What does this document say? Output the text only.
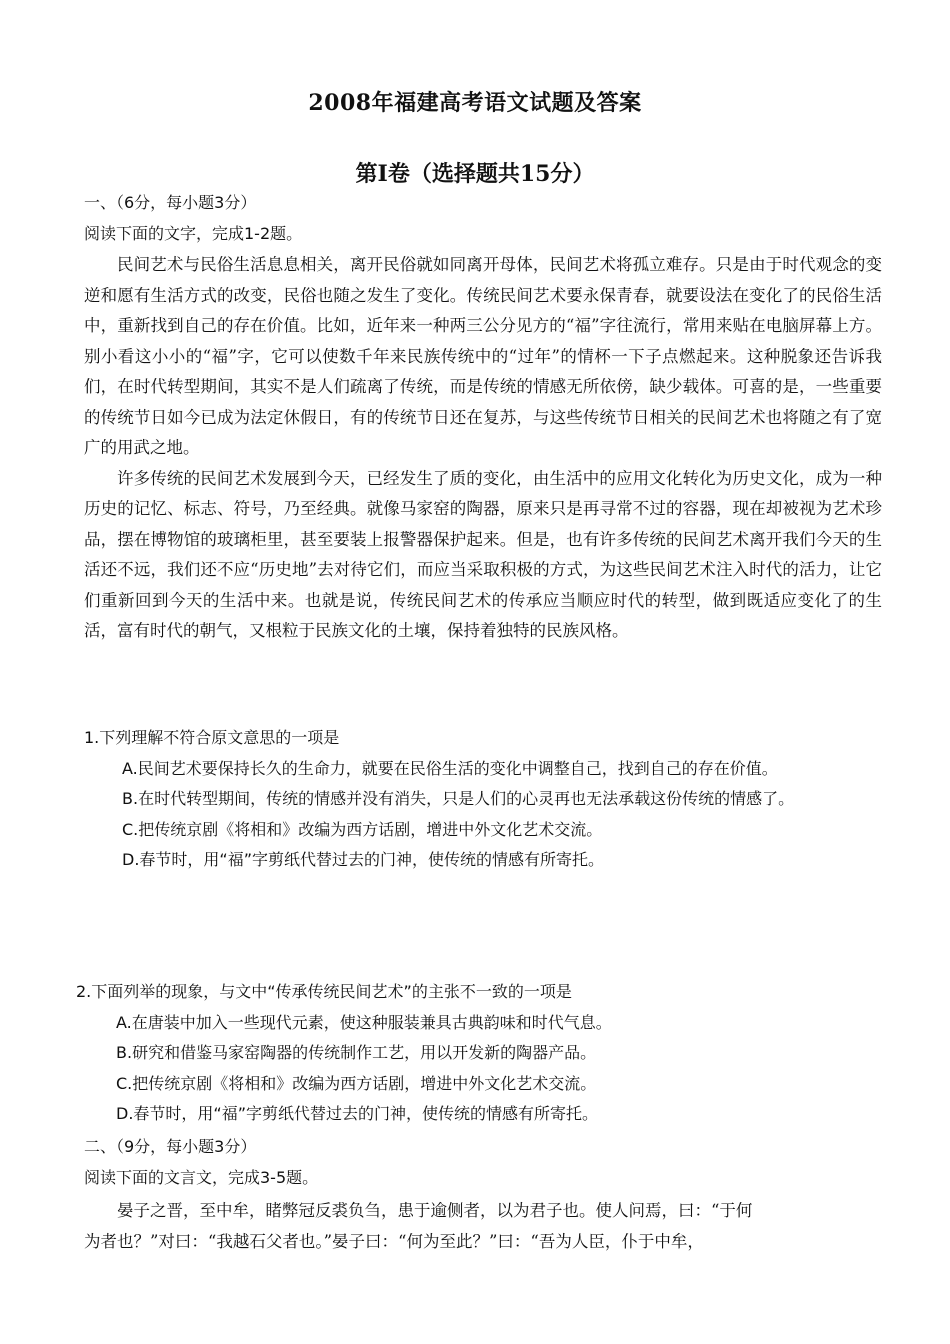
2008年福建高考语文试题及答案
第Ⅰ卷（选择题共15分）

一、（6分，每小题3分）

阅读下面的文字，完成1-2题。

民间艺术与民俗生活息息相关，离开民俗就如同离开母体，民间艺术将孤立难存。只是由于时代观念的变逆和愿有生活方式的改变，民俗也随之发生了变化。传统民间艺术要永保青春，就要设法在变化了的民俗生活中，重新找到自己的存在价值。比如，近年来一种两三公分见方的“福”字往流行，常用来贴在电脑屏幕上方。别小看这小小的“福”字，它可以使数千年来民族传统中的“过年”的情杯一下子点燃起来。这种脱象还告诉我们，在时代转型期间，其实不是人们疏离了传统，而是传统的情感无所依傍，缺少载体。可喜的是，一些重要的传统节日如今已成为法定休假日，有的传统节日还在复苏，与这些传统节日相关的民间艺术也将随之有了宽广的用武之地。

许多传统的民间艺术发展到今天，已经发生了质的变化，由生活中的应用文化转化为历史文化，成为一种历史的记忆、标志、符号，乃至经典。就像马家窑的陶器，原来只是再寻常不过的容器，现在却被视为艺术珍品，摆在博物馆的玻璃柜里，甚至要装上报警器保护起来。但是，也有许多传统的民间艺术离开我们今天的生活还不远，我们还不应“历史地”去对待它们，而应当采取积极的方式，为这些民间艺术注入时代的活力，让它们重新回到今天的生活中来。也就是说，传统民间艺术的传承应当顺应时代的转型，做到既适应变化了的生活，富有时代的朝气，又根粒于民族文化的土壤，保持着独特的民族风格。

1.下列理解不符合原文意思的一项是

A.民间艺术要保持长久的生命力，就要在民俗生活的变化中调整自己，找到自己的存在价值。

B.在时代转型期间，传统的情感并没有消失，只是人们的心灵再也无法承载这份传统的情感了。

C.把传统京剧《将相和》改编为西方话剧，增进中外文化艺术交流。

D.春节时，用“福”字剪纸代替过去的门神，使传统的情感有所寄托。

2.下面列举的现象，与文中“传承传统民间艺术”的主张不一致的一项是

A.在唐装中加入一些现代元素，使这种服装兼具古典韵味和时代气息。

B.研究和借鉴马家窑陶器的传统制作工艺，用以开发新的陶器产品。

C.把传统京剧《将相和》改编为西方话剧，增进中外文化艺术交流。

D.春节时，用“福”字剪纸代替过去的门神，使传统的情感有所寄托。

二、（9分，每小题3分）

阅读下面的文言文，完成3-5题。

晏子之晋，至中牟，睹弊冠反裘负刍，患于逾侧者，以为君子也。使人问焉，曰：“于何

为者也？”对曰：“我越石父者也。”晏子曰：“何为至此？”曰：“吾为人臣，仆于中牟，
